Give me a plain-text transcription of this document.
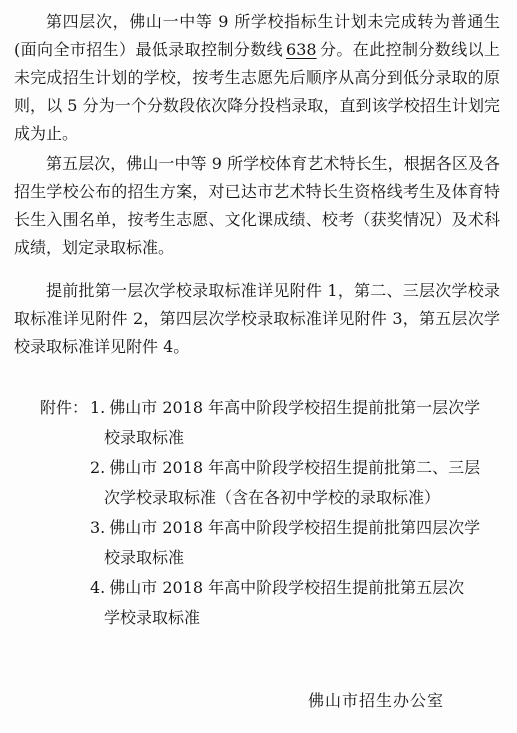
第四层次，佛山一中等 9 所学校指标生计划未完成转为普通生(面向全市招生）最低录取控制分数线 638 分。在此控制分数线以上未完成招生计划的学校，按考生志愿先后顺序从高分到低分录取的原则，以 5 分为一个分数段依次降分投档录取，直到该学校招生计划完成为止。

第五层次，佛山一中等 9 所学校体育艺术特长生，根据各区及各招生学校公布的招生方案，对已达市艺术特长生资格线考生及体育特长生入围名单，按考生志愿、文化课成绩、校考（获奖情况）及术科成绩，划定录取标准。

提前批第一层次学校录取标准详见附件 1，第二、三层次学校录取标准详见附件 2，第四层次学校录取标准详见附件 3，第五层次学校录取标准详见附件 4。

附件： 1. 佛山市 2018 年高中阶段学校招生提前批第一层次学
校录取标准

2. 佛山市 2018 年高中阶段学校招生提前批第二、三层
次学校录取标准（含在各初中学校的录取标准）

3. 佛山市 2018 年高中阶段学校招生提前批第四层次学
校录取标准

4. 佛山市 2018 年高中阶段学校招生提前批第五层次
学校录取标准

佛山市招生办公室
